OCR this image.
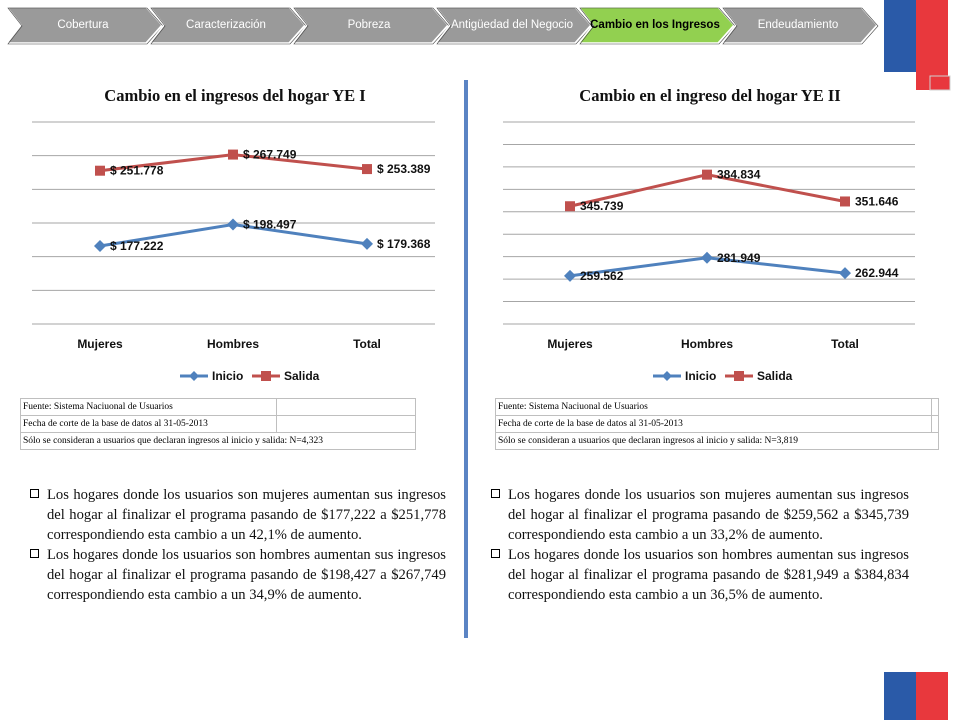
Cobertura	Caracterización	Pobreza	Antigüedad del Negocio	Cambio en los Ingresos	Endeudamiento
Cambio en el ingresos del hogar YE I	Cambio en el ingreso del hogar YE II
Mujeres	Hombres	Total
$ 177.222
$ 198.497
$ 179.368
$ 251.778
$ 267.749
$ 253.389
Inicio	Salida
Mujeres	Hombres	Total
259.562
281.949
262.944
345.739
384.834
351.646
Inicio	Salida
Fuente: Sistema Naciuonal de Usuarios	
Fecha de corte de la base de datos al 31-05-2013	
Sólo se consideran a usuarios que declaran ingresos al inicio y salida: N=4,323	
Fuente: Sistema Naciuonal de Usuarios	
Fecha de corte de la base de datos al 31-05-2013	
Sólo se consideran a usuarios que declaran ingresos al inicio y salida: N=3,819	
Los hogares donde los usuarios son mujeres aumentan sus ingresos del hogar al finalizar el programa pasando de $177,222 a $251,778 correspondiendo esta cambio a un 42,1% de aumento.
Los hogares donde los usuarios son hombres aumentan sus ingresos del hogar al finalizar el programa pasando de $198,427 a $267,749 correspondiendo esta cambio a un 34,9% de aumento.
Los hogares donde los usuarios son mujeres aumentan sus ingresos del hogar al finalizar el programa pasando de $259,562 a $345,739 correspondiendo esta cambio a un 33,2% de aumento.
Los hogares donde los usuarios son hombres aumentan sus ingresos del hogar al finalizar el programa pasando de $281,949 a $384,834 correspondiendo esta cambio a un 36,5% de aumento.
